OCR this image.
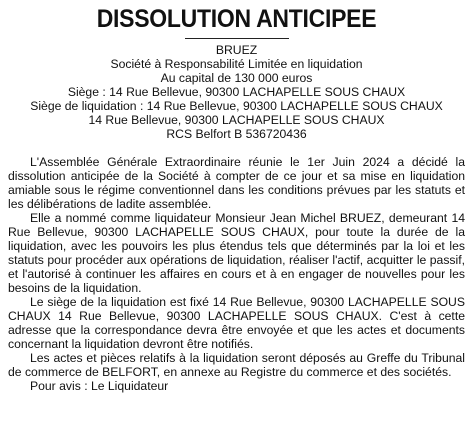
DISSOLUTION ANTICIPEE
BRUEZ
Société à Responsabilité Limitée en liquidation
Au capital de 130 000 euros
Siège : 14 Rue Bellevue, 90300 LACHAPELLE SOUS CHAUX
Siège de liquidation : 14 Rue Bellevue, 90300 LACHAPELLE SOUS CHAUX
14 Rue Bellevue, 90300 LACHAPELLE SOUS CHAUX
RCS Belfort B 536720436

L'Assemblée Générale Extraordinaire réunie le 1er Juin 2024 a décidé la dissolution anticipée de la Société à compter de ce jour et sa mise en liquidation amiable sous le régime conventionnel dans les conditions prévues par les statuts et les délibérations de ladite assemblée.

Elle a nommé comme liquidateur Monsieur Jean Michel BRUEZ, demeurant 14 Rue Bellevue, 90300 LACHAPELLE SOUS CHAUX, pour toute la durée de la liquidation, avec les pouvoirs les plus étendus tels que déterminés par la loi et les statuts pour procéder aux opérations de liquidation, réaliser l'actif, acquitter le passif, et l'autorisé à continuer les affaires en cours et à en engager de nouvelles pour les besoins de la liquidation.

Le siège de la liquidation est fixé 14 Rue Bellevue, 90300 LACHAPELLE SOUS CHAUX 14 Rue Bellevue, 90300 LACHAPELLE SOUS CHAUX. C'est à cette adresse que la correspondance devra être envoyée et que les actes et documents concernant la liquidation devront être notifiés.

Les actes et pièces relatifs à la liquidation seront déposés au Greffe du Tribunal de commerce de BELFORT, en annexe au Registre du commerce et des sociétés.

Pour avis : Le Liquidateur
